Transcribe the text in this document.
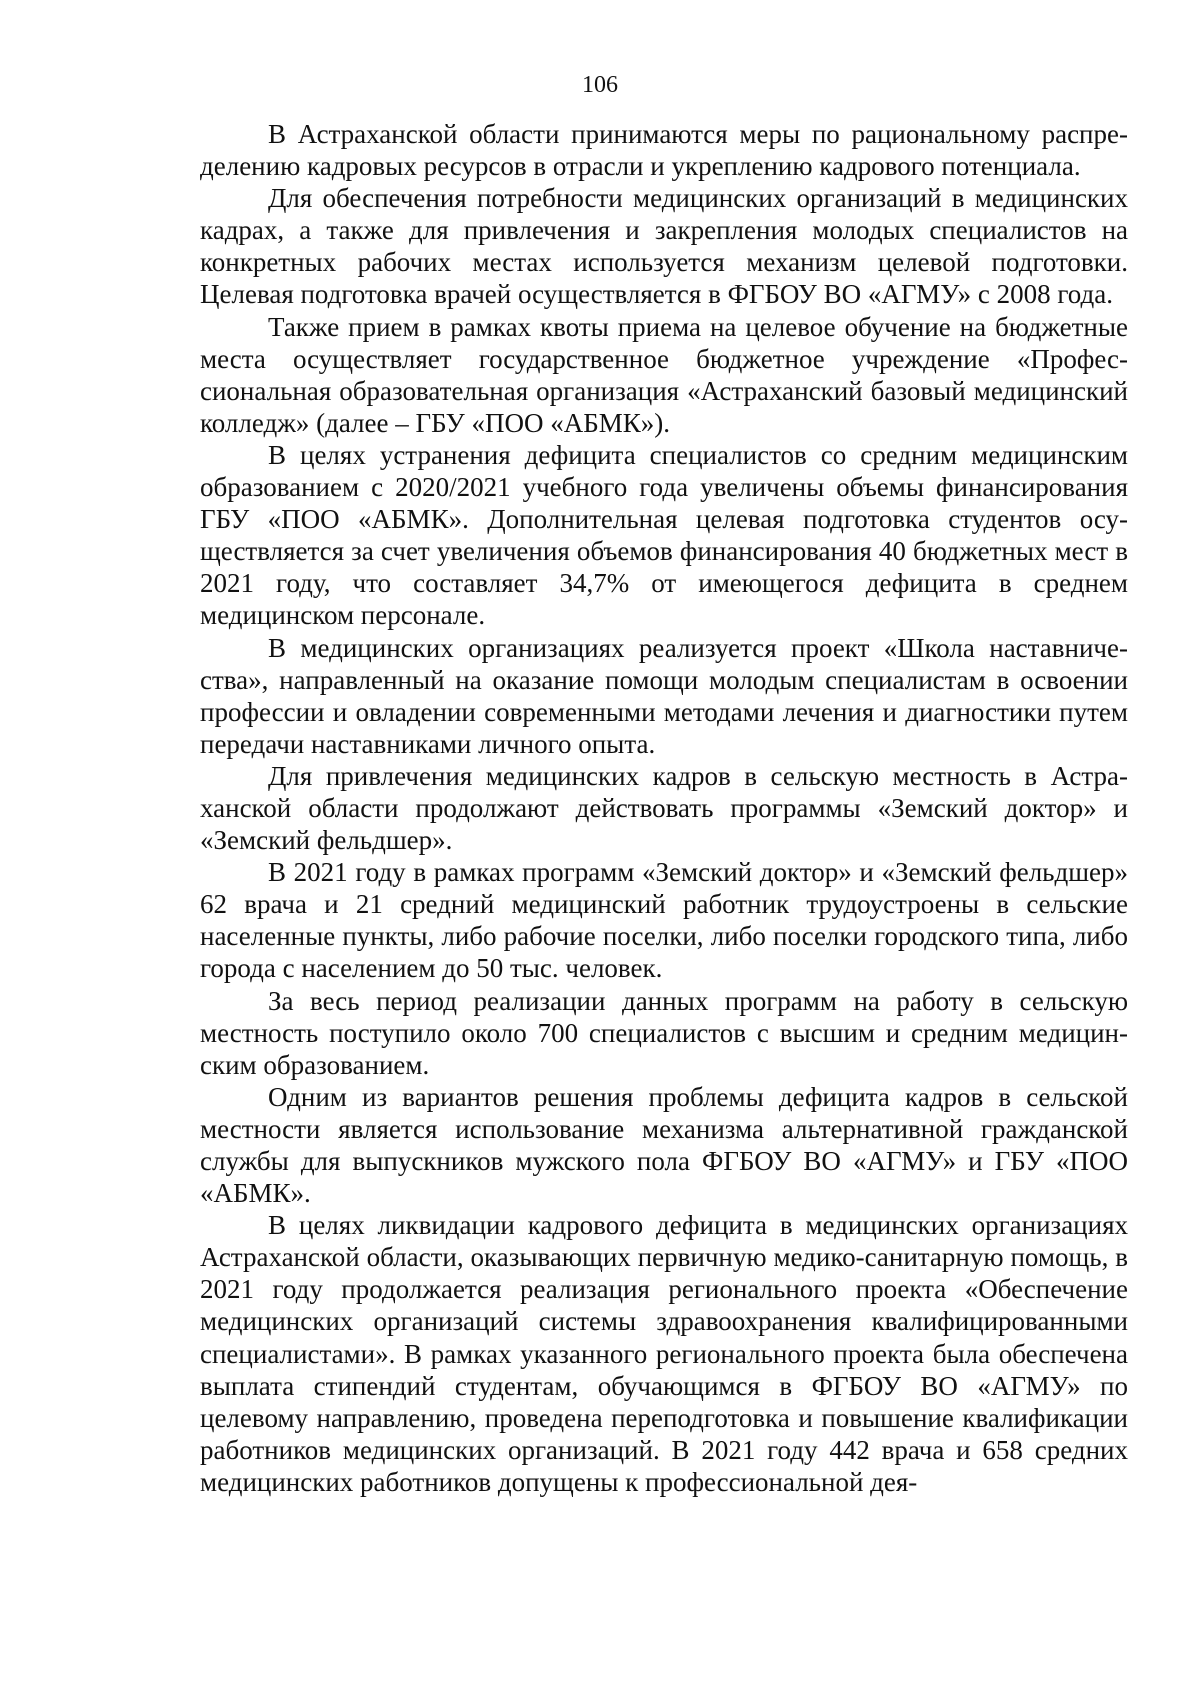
106

В Астраханской области принимаются меры по рациональному распределению кадровых ресурсов в отрасли и укреплению кадрового потенциала.

Для обеспечения потребности медицинских организаций в медицинских кадрах, а также для привлечения и закрепления молодых специалистов на конкретных рабочих местах используется механизм целевой подготовки. Целевая подготовка врачей осуществляется в ФГБОУ ВО «АГМУ» с 2008 года.

Также прием в рамках квоты приема на целевое обучение на бюджетные места осуществляет государственное бюджетное учреждение «Профессиональная образовательная организация «Астраханский базовый медицинский колледж» (далее – ГБУ «ПОО «АБМК»).

В целях устранения дефицита специалистов со средним медицинским образованием с 2020/2021 учебного года увеличены объемы финансирования ГБУ «ПОО «АБМК». Дополнительная целевая подготовка студентов осуществляется за счет увеличения объемов финансирования 40 бюджетных мест в 2021 году, что составляет 34,7% от имеющегося дефицита в среднем медицинском персонале.

В медицинских организациях реализуется проект «Школа наставничества», направленный на оказание помощи молодым специалистам в освоении профессии и овладении современными методами лечения и диагностики путем передачи наставниками личного опыта.

Для привлечения медицинских кадров в сельскую местность в Астраханской области продолжают действовать программы «Земский доктор» и «Земский фельдшер».

В 2021 году в рамках программ «Земский доктор» и «Земский фельдшер» 62 врача и 21 средний медицинский работник трудоустроены в сельские населенные пункты, либо рабочие поселки, либо поселки городского типа, либо города с населением до 50 тыс. человек.

За весь период реализации данных программ на работу в сельскую местность поступило около 700 специалистов с высшим и средним медицинским образованием.

Одним из вариантов решения проблемы дефицита кадров в сельской местности является использование механизма альтернативной гражданской службы для выпускников мужского пола ФГБОУ ВО «АГМУ» и ГБУ «ПОО «АБМК».

В целях ликвидации кадрового дефицита в медицинских организациях Астраханской области, оказывающих первичную медико-санитарную помощь, в 2021 году продолжается реализация регионального проекта «Обеспечение медицинских организаций системы здравоохранения квалифицированными специалистами». В рамках указанного регионального проекта была обеспечена выплата стипендий студентам, обучающимся в ФГБОУ ВО «АГМУ» по целевому направлению, проведена переподготовка и повышение квалификации работников медицинских организаций. В 2021 году 442 врача и 658 средних медицинских работников допущены к профессиональной дея-
